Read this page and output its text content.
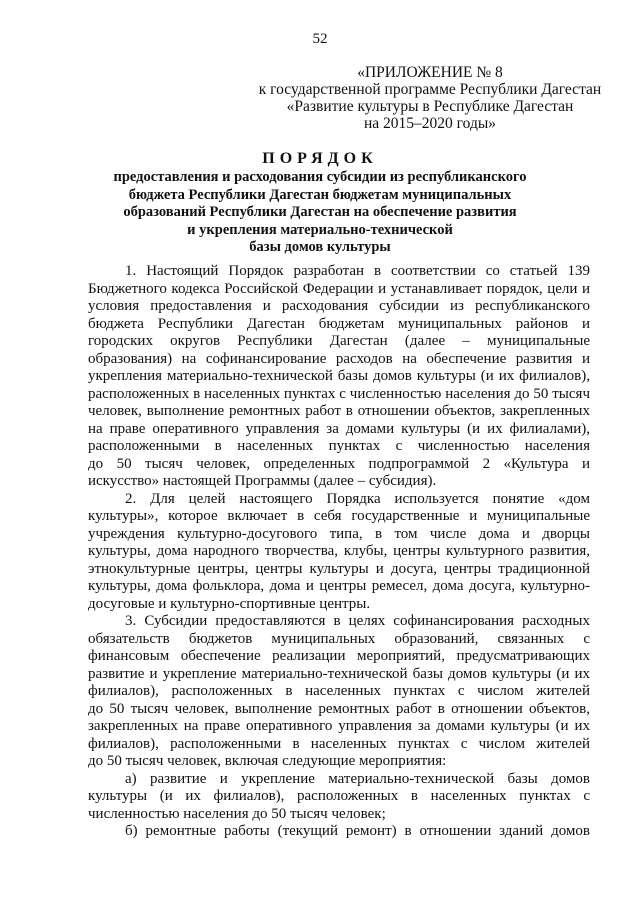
52
«ПРИЛОЖЕНИЕ № 8
к государственной программе Республики Дагестан
«Развитие культуры в Республике Дагестан
на 2015–2020 годы»
ПОРЯДОК
предоставления и расходования субсидии из республиканского
бюджета Республики Дагестан бюджетам муниципальных
образований Республики Дагестан на обеспечение развития
и укрепления материально-технической
базы домов культуры
1. Настоящий Порядок разработан в соответствии со статьей 139
Бюджетного кодекса Российской Федерации и устанавливает порядок, цели и
условия предоставления и расходования субсидии из республиканского
бюджета Республики Дагестан бюджетам муниципальных районов и
городских округов Республики Дагестан (далее – муниципальные
образования) на софинансирование расходов на обеспечение развития и
укрепления материально-технической базы домов культуры (и их филиалов),
расположенных в населенных пунктах с численностью населения до 50 тысяч
человек, выполнение ремонтных работ в отношении объектов, закрепленных
на праве оперативного управления за домами культуры (и их филиалами),
расположенными в населенных пунктах с численностью населения
до 50 тысяч человек, определенных подпрограммой 2 «Культура и
искусство» настоящей Программы (далее – субсидия).
2. Для целей настоящего Порядка используется понятие «дом
культуры», которое включает в себя государственные и муниципальные
учреждения культурно-досугового типа, в том числе дома и дворцы
культуры, дома народного творчества, клубы, центры культурного развития,
этнокультурные центры, центры культуры и досуга, центры традиционной
культуры, дома фольклора, дома и центры ремесел, дома досуга, культурно-
досуговые и культурно-спортивные центры.
3. Субсидии предоставляются в целях софинансирования расходных
обязательств бюджетов муниципальных образований, связанных с
финансовым обеспечение реализации мероприятий, предусматривающих
развитие и укрепление материально-технической базы домов культуры (и их
филиалов), расположенных в населенных пунктах с числом жителей
до 50 тысяч человек, выполнение ремонтных работ в отношении объектов,
закрепленных на праве оперативного управления за домами культуры (и их
филиалов), расположенными в населенных пунктах с числом жителей
до 50 тысяч человек, включая следующие мероприятия:
а) развитие и укрепление материально-технической базы домов
культуры (и их филиалов), расположенных в населенных пунктах с
численностью населения до 50 тысяч человек;
б) ремонтные работы (текущий ремонт) в отношении зданий домов
